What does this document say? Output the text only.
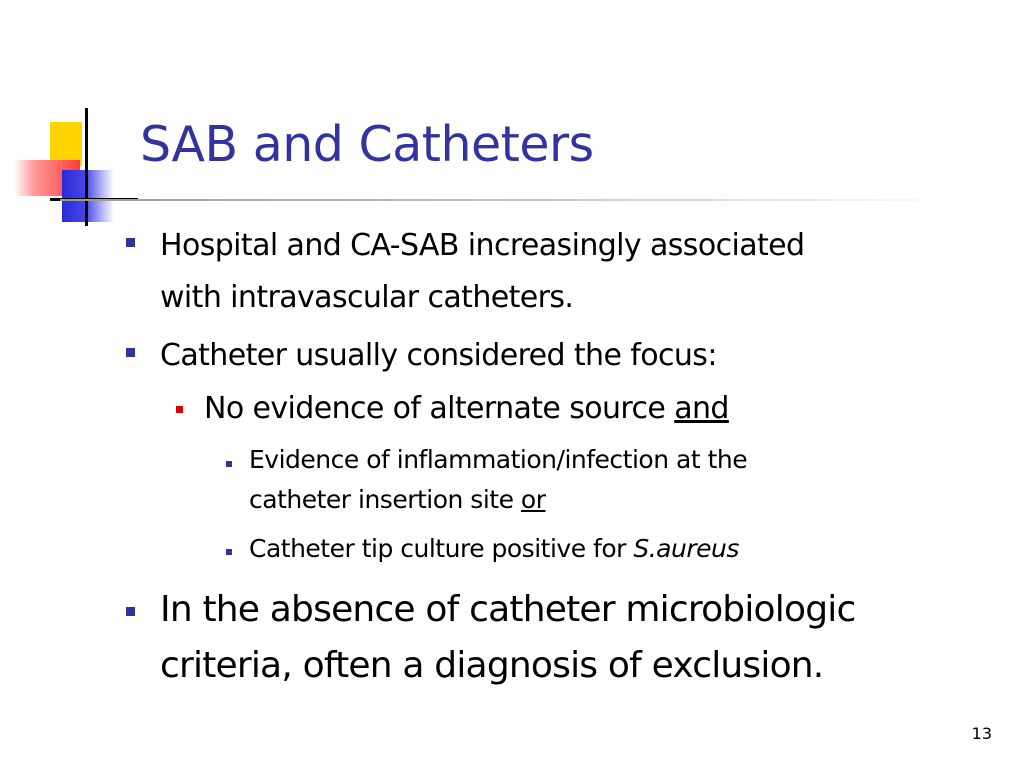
SAB and Catheters
Hospital and CA-SAB increasingly associated
with intravascular catheters.
Catheter usually considered the focus:
No evidence of alternate source and
Evidence of inflammation/infection at the
catheter insertion site or
Catheter tip culture positive for S.aureus
In the absence of catheter microbiologic
criteria, often a diagnosis of exclusion.
13
